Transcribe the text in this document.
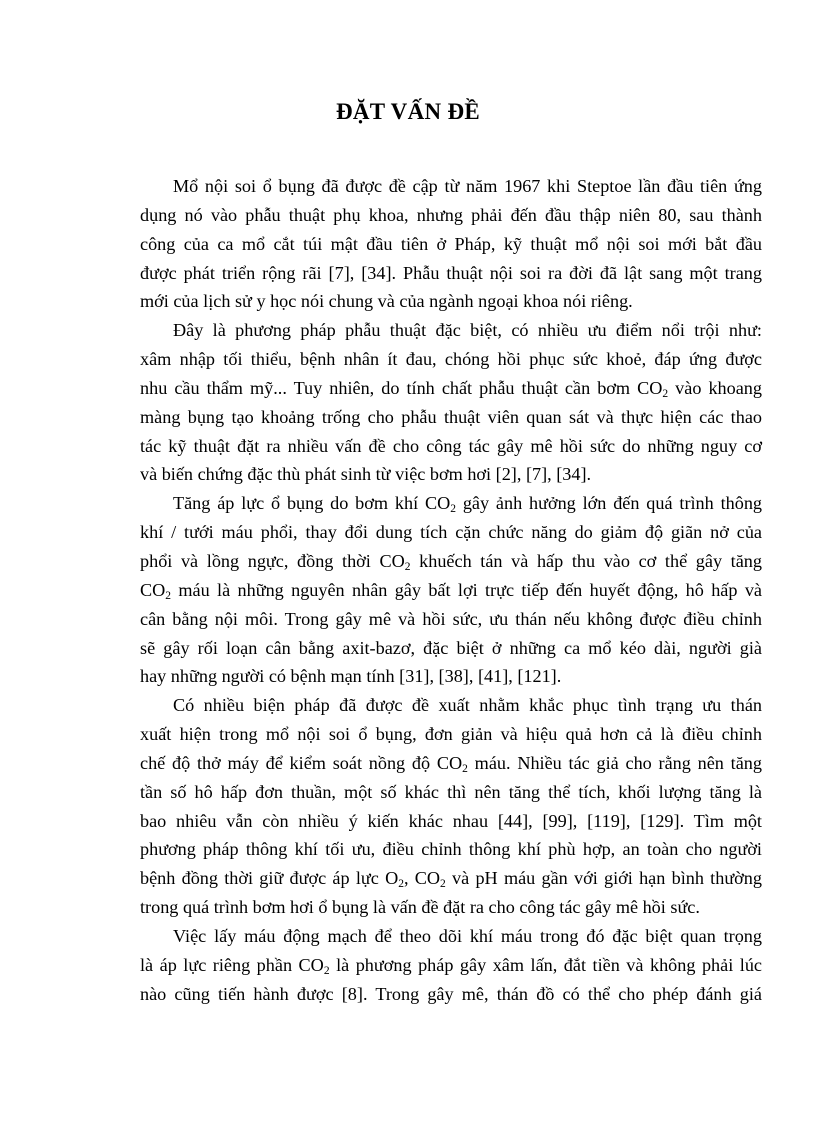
ĐẶT VẤN ĐỀ
Mổ nội soi ổ bụng đã được đề cập từ năm 1967 khi Steptoe lần đầu tiên ứng
dụng nó vào phẫu thuật phụ khoa, nhưng phải đến đầu thập niên 80, sau thành
công của ca mổ cắt túi mật đầu tiên ở Pháp, kỹ thuật mổ nội soi mới bắt đầu
được phát triển rộng rãi [7], [34]. Phẫu thuật nội soi ra đời đã lật sang một trang
mới của lịch sử y học nói chung và của ngành ngoại khoa nói riêng.
Đây là phương pháp phẫu thuật đặc biệt, có nhiều ưu điểm nổi trội như:
xâm nhập tối thiểu, bệnh nhân ít đau, chóng hồi phục sức khoẻ, đáp ứng được
nhu cầu thẩm mỹ... Tuy nhiên, do tính chất phẫu thuật cần bơm $CO_2$ vào khoang
màng bụng tạo khoảng trống cho phẫu thuật viên quan sát và thực hiện các thao
tác kỹ thuật đặt ra nhiều vấn đề cho công tác gây mê hồi sức do những nguy cơ
và biến chứng đặc thù phát sinh từ việc bơm hơi [2], [7], [34].
Tăng áp lực ổ bụng do bơm khí $CO_2$ gây ảnh hưởng lớn đến quá trình thông
khí / tưới máu phổi, thay đổi dung tích cặn chức năng do giảm độ giãn nở của
phổi và lồng ngực, đồng thời $CO_2$ khuếch tán và hấp thu vào cơ thể gây tăng
$CO_2$ máu là những nguyên nhân gây bất lợi trực tiếp đến huyết động, hô hấp và
cân bằng nội môi. Trong gây mê và hồi sức, ưu thán nếu không được điều chỉnh
sẽ gây rối loạn cân bằng axit-bazơ, đặc biệt ở những ca mổ kéo dài, người già
hay những người có bệnh mạn tính [31], [38], [41], [121].
Có nhiều biện pháp đã được đề xuất nhằm khắc phục tình trạng ưu thán
xuất hiện trong mổ nội soi ổ bụng, đơn giản và hiệu quả hơn cả là điều chỉnh
chế độ thở máy để kiểm soát nồng độ $CO_2$ máu. Nhiều tác giả cho rằng nên tăng
tần số hô hấp đơn thuần, một số khác thì nên tăng thể tích, khối lượng tăng là
bao nhiêu vẫn còn nhiều ý kiến khác nhau [44], [99], [119], [129]. Tìm một
phương pháp thông khí tối ưu, điều chỉnh thông khí phù hợp, an toàn cho người
bệnh đồng thời giữ được áp lực $O_2$, $CO_2$ và pH máu gần với giới hạn bình thường
trong quá trình bơm hơi ổ bụng là vấn đề đặt ra cho công tác gây mê hồi sức.
Việc lấy máu động mạch để theo dõi khí máu trong đó đặc biệt quan trọng
là áp lực riêng phần $CO_2$ là phương pháp gây xâm lấn, đắt tiền và không phải lúc
nào cũng tiến hành được [8]. Trong gây mê, thán đồ có thể cho phép đánh giá
